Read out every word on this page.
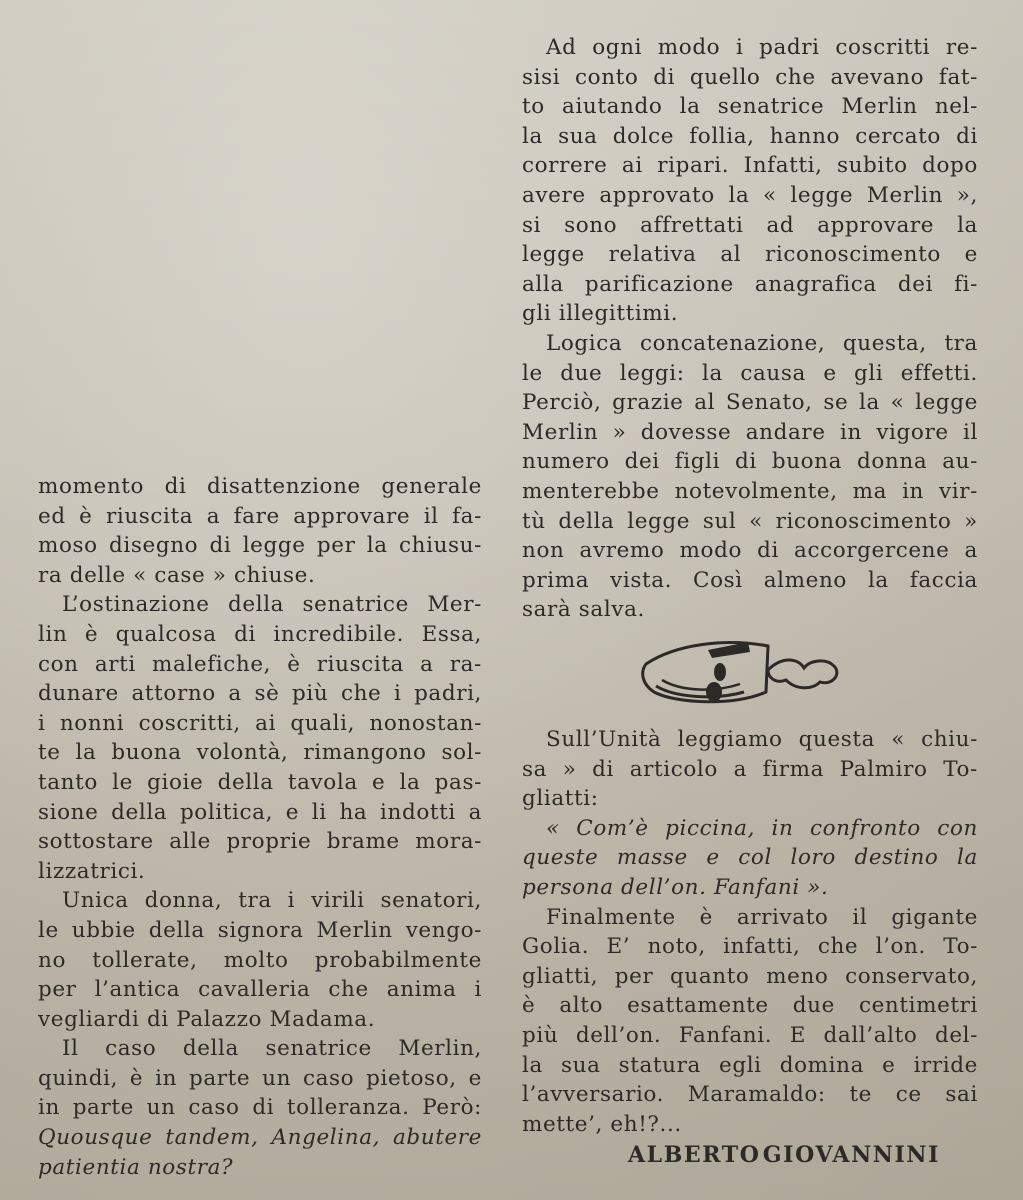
momento di disattenzione generale
ed è riuscita a fare approvare il fa-
moso disegno di legge per la chiusu-
ra delle « case » chiuse.
L’ostinazione della senatrice Mer-
lin è qualcosa di incredibile. Essa,
con arti malefiche, è riuscita a ra-
dunare attorno a sè più che i padri,
i nonni coscritti, ai quali, nonostan-
te la buona volontà, rimangono sol-
tanto le gioie della tavola e la pas-
sione della politica, e li ha indotti a
sottostare alle proprie brame mora-
lizzatrici.
Unica donna, tra i virili senatori,
le ubbie della signora Merlin vengo-
no tollerate, molto probabilmente
per l’antica cavalleria che anima i
vegliardi di Palazzo Madama.
Il caso della senatrice Merlin,
quindi, è in parte un caso pietoso, e
in parte un caso di tolleranza. Però:
Quousque tandem, Angelina, abutere
patientia nostra?
Ad ogni modo i padri coscritti re-
sisi conto di quello che avevano fat-
to aiutando la senatrice Merlin nel-
la sua dolce follia, hanno cercato di
correre ai ripari. Infatti, subito dopo
avere approvato la « legge Merlin »,
si sono affrettati ad approvare la
legge relativa al riconoscimento e
alla parificazione anagrafica dei fi-
gli illegittimi.
Logica concatenazione, questa, tra
le due leggi: la causa e gli effetti.
Perciò, grazie al Senato, se la « legge
Merlin » dovesse andare in vigore il
numero dei figli di buona donna au-
menterebbe notevolmente, ma in vir-
tù della legge sul « riconoscimento »
non avremo modo di accorgercene a
prima vista. Così almeno la faccia
sarà salva.
Sull’Unità leggiamo questa « chiu-
sa » di articolo a firma Palmiro To-
gliatti:
« Com’è piccina, in confronto con
queste masse e col loro destino la
persona dell’on. Fanfani ».
Finalmente è arrivato il gigante
Golia. E’ noto, infatti, che l’on. To-
gliatti, per quanto meno conservato,
è alto esattamente due centimetri
più dell’on. Fanfani. E dall’alto del-
la sua statura egli domina e irride
l’avversario. Maramaldo: te ce sai
mette’, eh!?...
ALBERTO GIOVANNINI
